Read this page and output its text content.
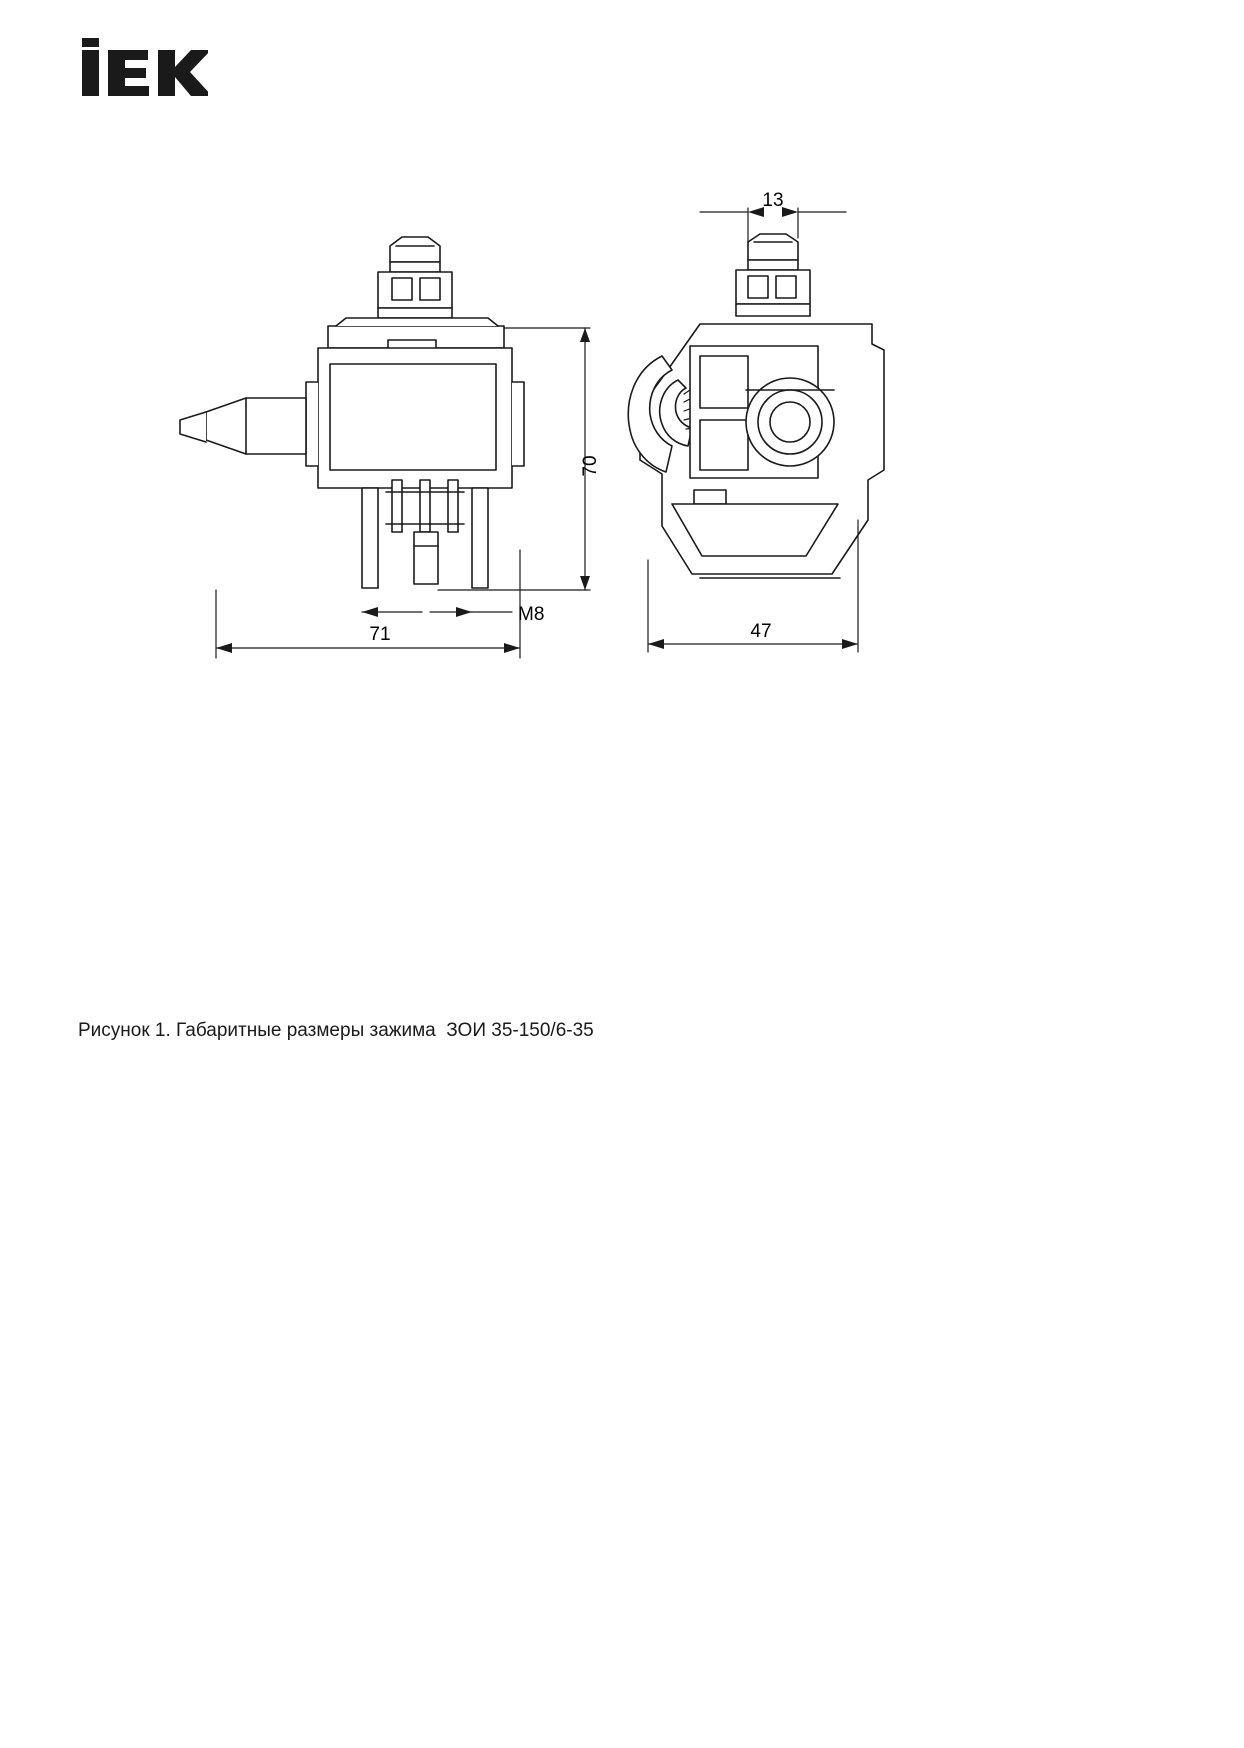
70
71
M8
13
47
Рисунок 1. Габаритные размеры зажима  ЗОИ 35-150/6-35
